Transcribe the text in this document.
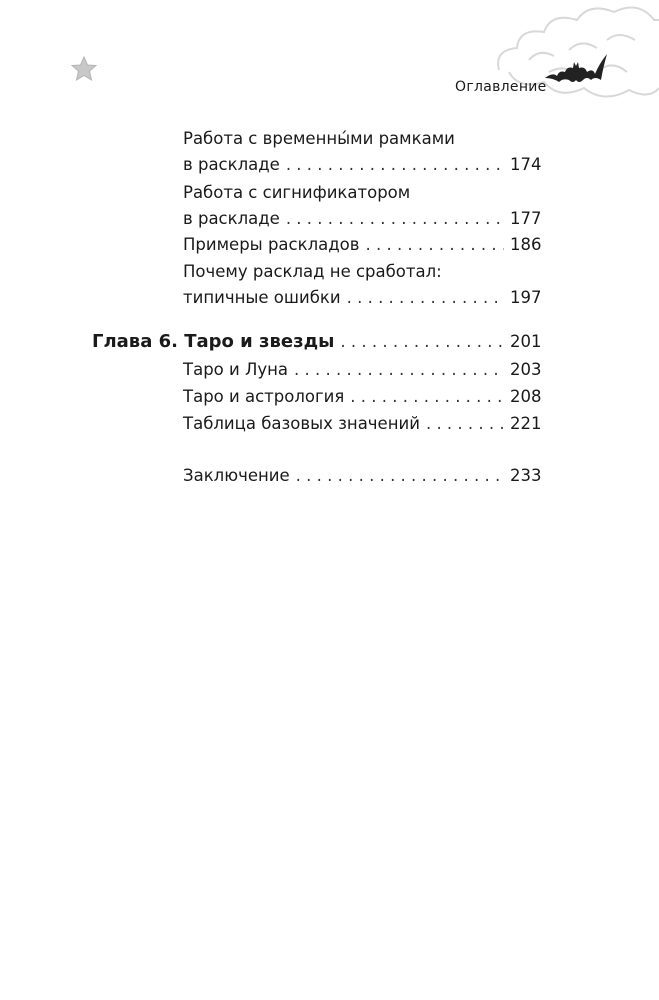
Оглавление
Работа с временны́ми рамками
в раскладе . . .	174
Работа с сигнификатором
в раскладе . . .	177
Примеры раскладов . . .	186
Почему расклад не сработал:
типичные ошибки . . .	197
Глава 6. Таро и звезды . . .	201
Таро и Луна . . .	203
Таро и астрология . . .	208
Таблица базовых значений . . .	221
Заключение . . .	233
